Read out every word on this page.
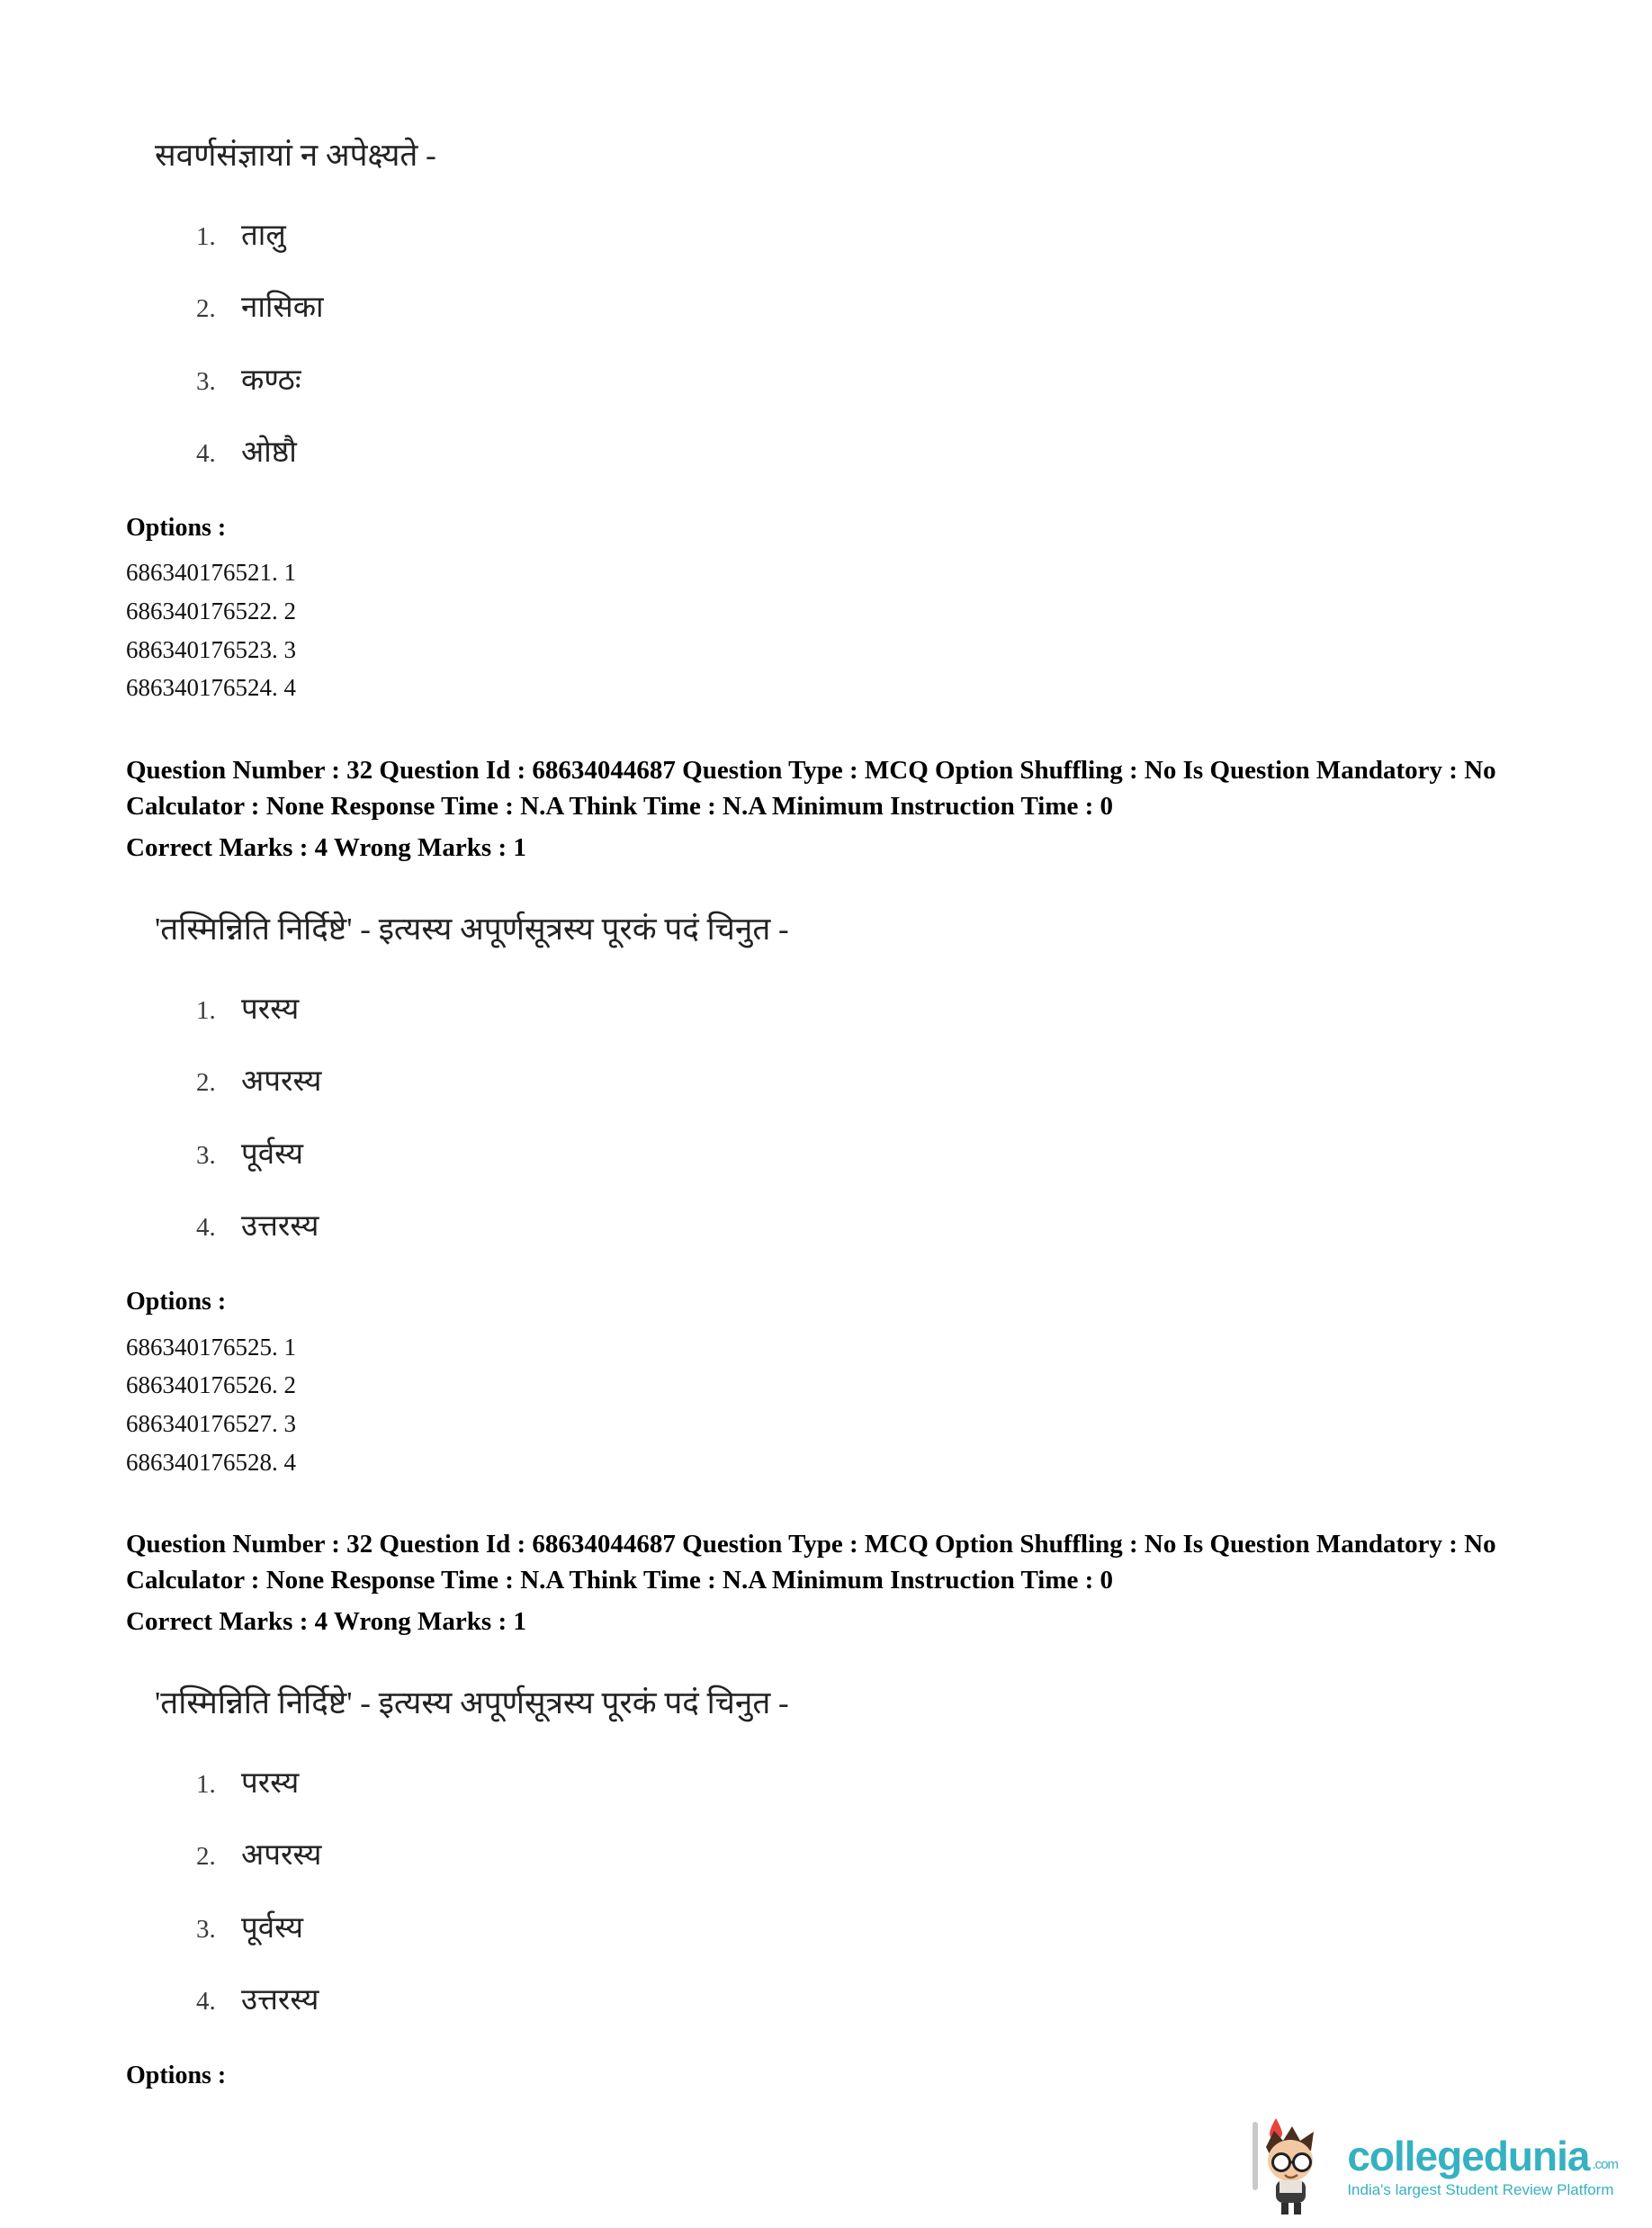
सवर्णसंज्ञायां न अपेक्ष्यते -
1. तालु
2. नासिका
3. कण्ठः
4. ओष्ठौ
Options :
686340176521. 1
686340176522. 2
686340176523. 3
686340176524. 4

Question Number : 32 Question Id : 68634044687 Question Type : MCQ Option Shuffling : No Is Question Mandatory : No Calculator : None Response Time : N.A Think Time : N.A Minimum Instruction Time : 0

Correct Marks : 4 Wrong Marks : 1

'तस्मिन्निति निर्दिष्टे' - इत्यस्य अपूर्णसूत्रस्य पूरकं पदं चिनुत -
1. परस्य
2. अपरस्य
3. पूर्वस्य
4. उत्तरस्य
Options :
686340176525. 1
686340176526. 2
686340176527. 3
686340176528. 4

Question Number : 32 Question Id : 68634044687 Question Type : MCQ Option Shuffling : No Is Question Mandatory : No Calculator : None Response Time : N.A Think Time : N.A Minimum Instruction Time : 0

Correct Marks : 4 Wrong Marks : 1

'तस्मिन्निति निर्दिष्टे' - इत्यस्य अपूर्णसूत्रस्य पूरकं पदं चिनुत -
1. परस्य
2. अपरस्य
3. पूर्वस्य
4. उत्तरस्य
Options :
collegedunia .com
India's largest Student Review Platform
